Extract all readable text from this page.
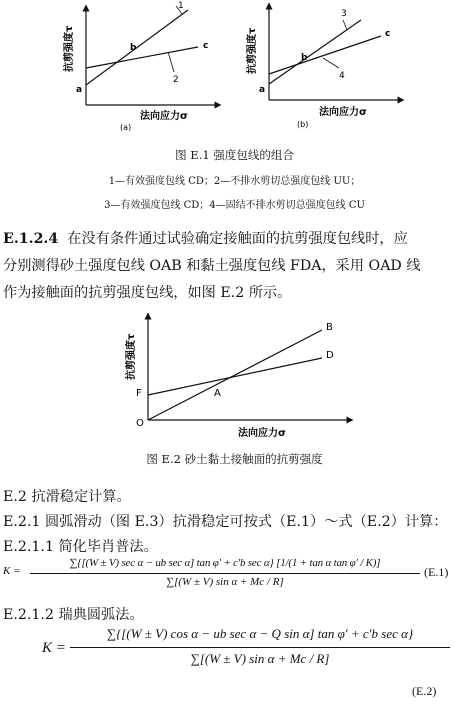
抗剪强度τ
a
b	c
1
2
法向应力σ
(a)
抗剪强度τ
a
b
c
3
4
法向应力σ
(b)
图 E.1 强度包线的组合
1—有效强度包线 CD；2—不排水剪切总强度包线 UU；
3—有效强度包线 CD；4—固结不排水剪切总强度包线 CU
E.1.2.4 在没有条件通过试验确定接触面的抗剪强度包线时，应
分别测得砂土强度包线 OAB 和黏土强度包线 FDA，采用 OAD 线
作为接触面的抗剪强度包线，如图 E.2 所示。
抗剪强度τ
B
D
F	A
O
法向应力σ
图 E.2 砂土黏土接触面的抗剪强度
E.2 抗滑稳定计算。
E.2.1 圆弧滑动（图 E.3）抗滑稳定可按式（E.1）～式（E.2）计算：
E.2.1.1 简化毕肖普法。
K =
∑{[(W ± V) sec α − ub sec α] tan φ′ + c′b sec α} [1/(1 + tan α tan φ′ / K)]
∑[(W ± V) sin α + Mc / R]
(E.1)
E.2.1.2 瑞典圆弧法。
K =
∑{[(W ± V) cos α − ub sec α − Q sin α] tan φ′ + c′b sec α}
∑[(W ± V) sin α + Mc / R]
(E.2)
